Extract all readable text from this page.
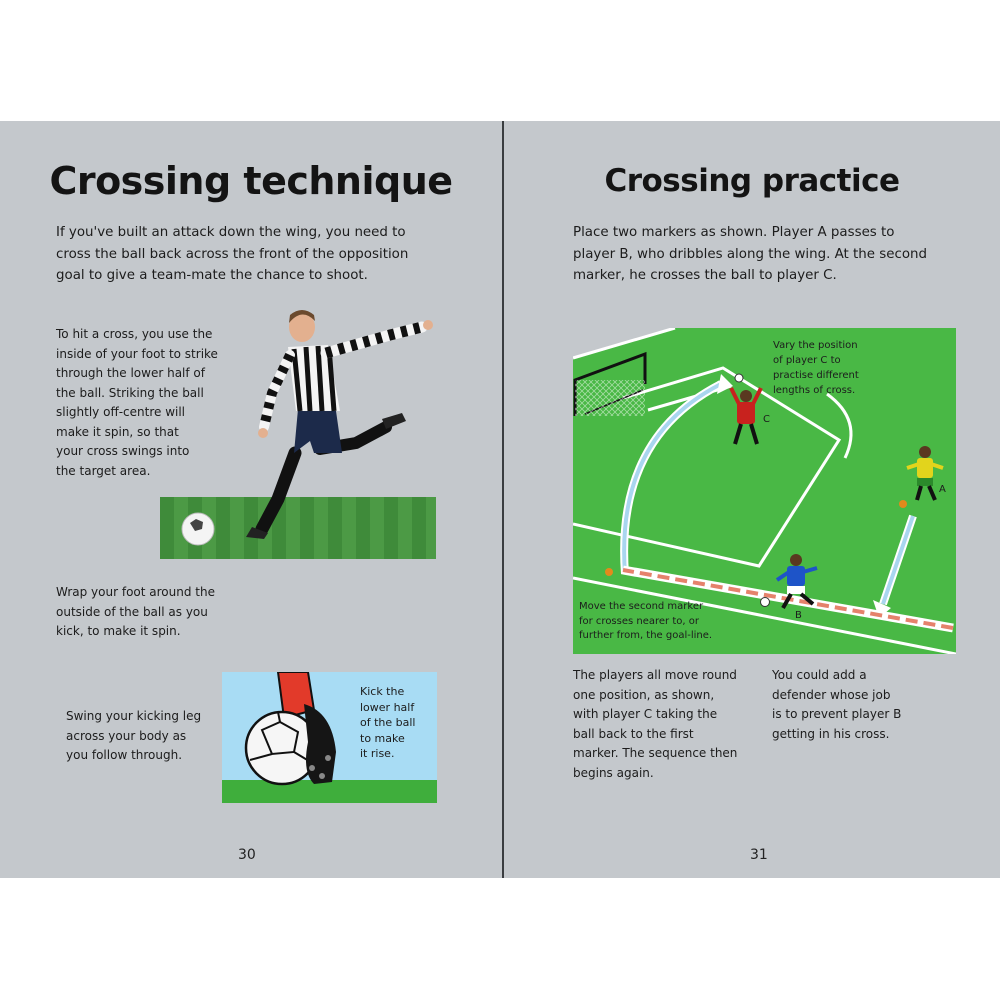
Crossing technique
If you've built an attack down the wing, you need to
cross the ball back across the front of the opposition
goal to give a team-mate the chance to shoot.
To hit a cross, you use the
inside of your foot to strike
through the lower half of
the ball. Striking the ball
slightly off-centre will
make it spin, so that
your cross swings into
the target area.
Wrap your foot around the
outside of the ball as you
kick, to make it spin.
Swing your kicking leg
across your body as
you follow through.
Kick the
lower half
of the ball
to make
it rise.
30
Crossing practice
Place two markers as shown. Player A passes to
player B, who dribbles along the wing. At the second
marker, he crosses the ball to player C.
Vary the position
of player C to
practise different
lengths of cross.
Move the second marker
for crosses nearer to, or
further from, the goal-line.
C
A
B
The players all move round
one position, as shown,
with player C taking the
ball back to the first
marker. The sequence then
begins again.
You could add a
defender whose job
is to prevent player B
getting in his cross.
31
